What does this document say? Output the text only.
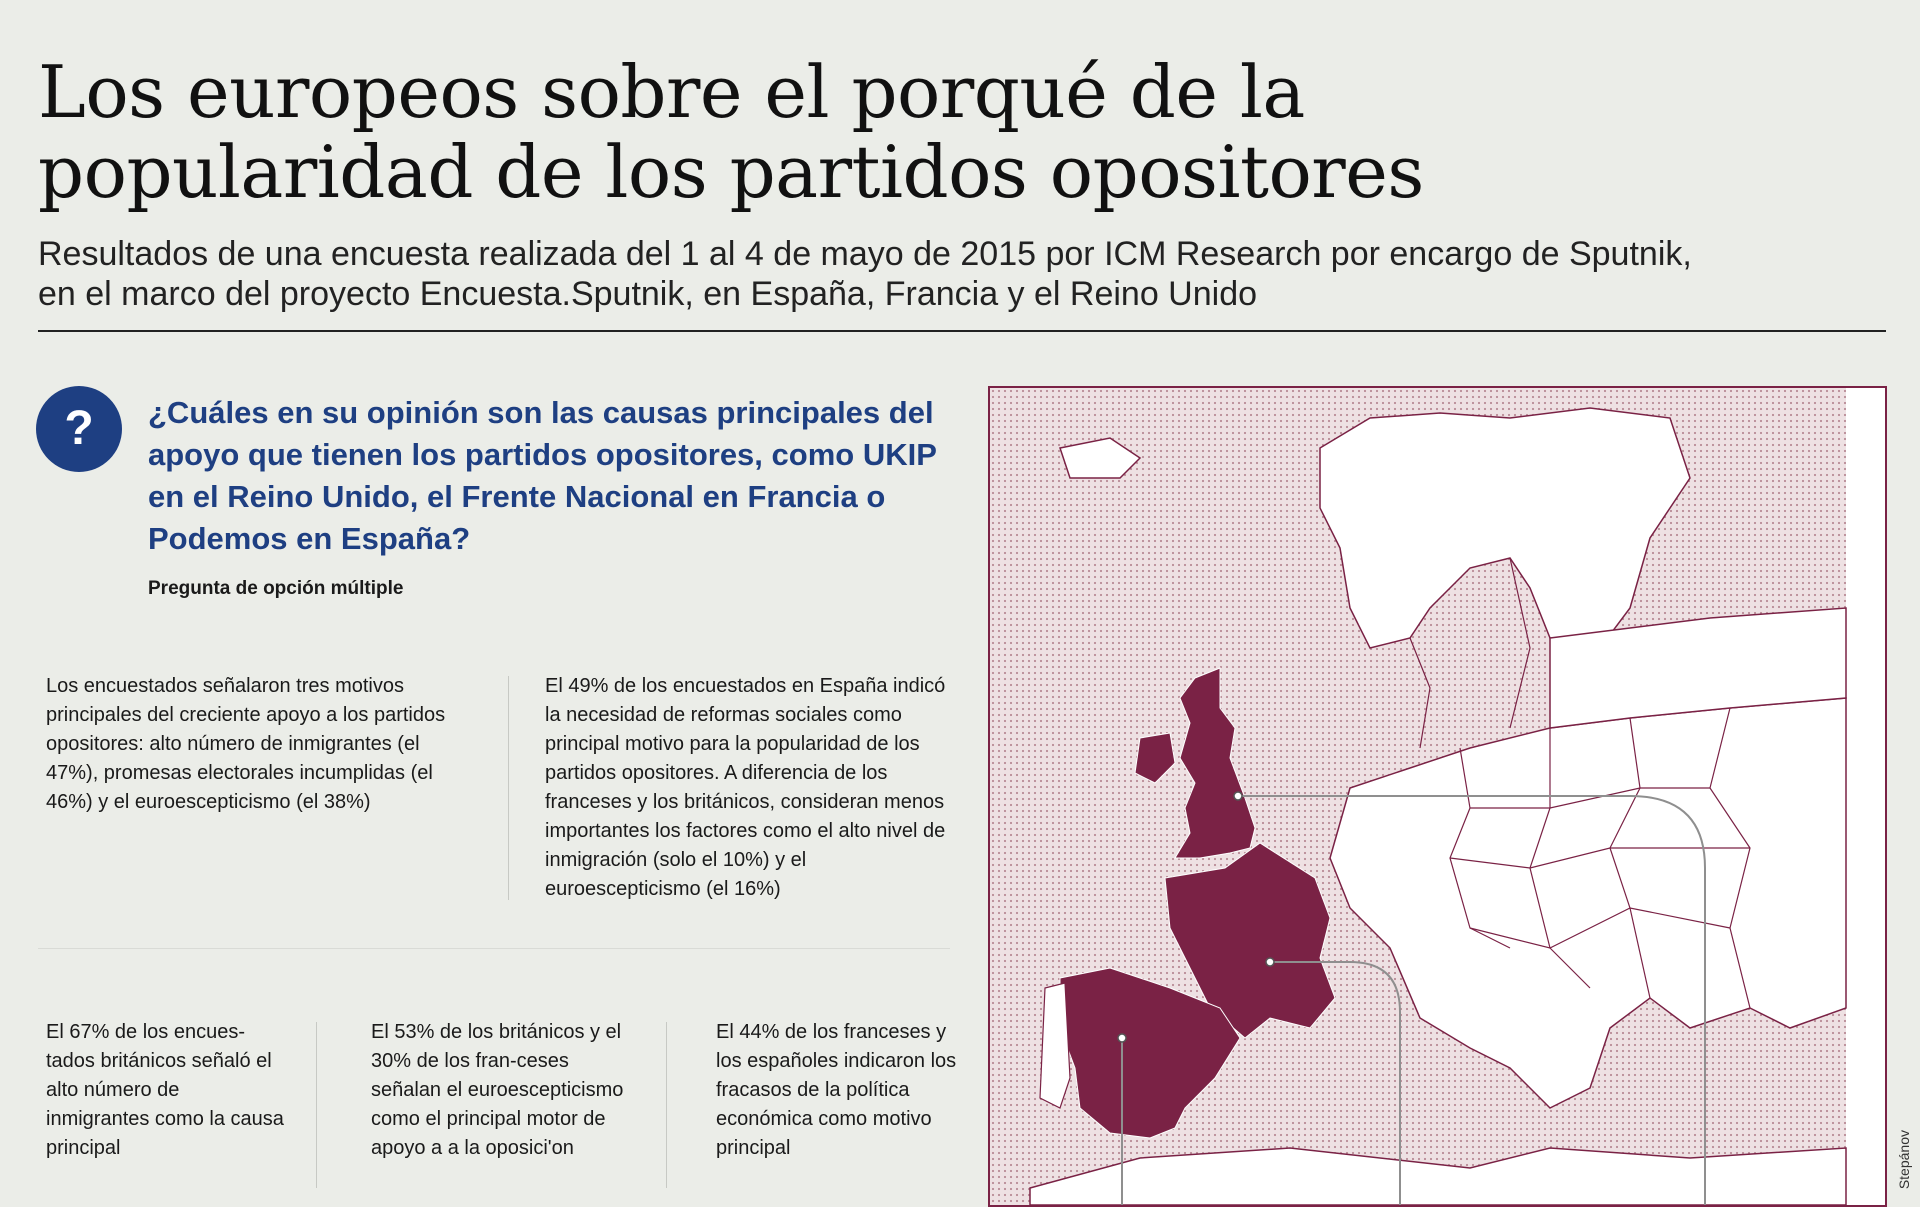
Los europeos sobre el porqué de la popularidad de los partidos opositores
Resultados de una encuesta realizada del 1 al 4 de mayo de 2015 por ICM Research por encargo de Sputnik, en el marco del proyecto Encuesta.Sputnik, en España, Francia y el Reino Unido
?	¿Cuáles en su opinión son las causas principales del apoyo que tienen los partidos opositores, como UKIP en el Reino Unido, el Frente Nacional en Francia o Podemos en España?
Pregunta de opción múltiple
Los encuestados señalaron tres motivos principales del creciente apoyo a los partidos opositores: alto número de inmigrantes (el 47%), promesas electorales incumplidas (el 46%) y el euroescepticismo (el 38%)
El 49% de los encuestados en España indicó la necesidad de reformas sociales como principal motivo para la popularidad de los partidos opositores. A diferencia de los franceses y los británicos, consideran menos importantes los factores como el alto nivel de inmigración (solo el 10%) y el euroescepticismo (el 16%)
El 67% de los encues-tados británicos señaló el alto número de inmigrantes como la causa principal
El 53% de los británicos y el 30% de los fran-ceses señalan el euroescepticismo como el principal motor de apoyo a a la oposici'on
El 44% de los franceses y los españoles indicaron los fracasos de la política económica como motivo principal	Stepánov
